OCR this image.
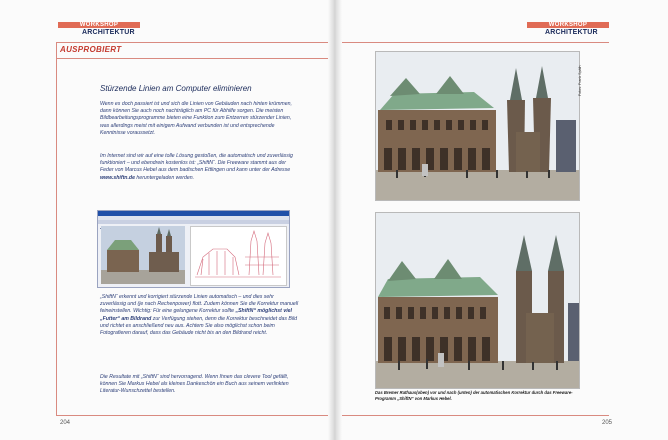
WORKSHOP
ARCHITEKTUR
AUSPROBIERT
Stürzende Linien am Computer eliminieren
Wenn es doch passiert ist und sich die Linien von Gebäuden nach hinten krümmen, dann können Sie auch noch nachträglich am PC für Abhilfe sorgen. Die meisten Bildbearbeitungsprogramme bieten eine Funktion zum Entzerren stürzender Linien, was allerdings meist mit einigem Aufwand verbunden ist und entsprechende Kenntnisse voraussetzt.
Im Internet sind wir auf eine tolle Lösung gestoßen, die automatisch und zuverlässig funktioniert – und ebendrein kostenlos ist: „ShiftN“. Die Freeware stammt aus der Feder von Marcus Hebel aus dem badischen Ettlingen und kann unter der Adresse www.shiftn.de heruntergeladen werden.
„ShiftN“ erkennt und korrigiert stürzende Linien automatisch – und dies sehr zuverlässig und (je nach Rechenpower) flott. Zudem können Sie die Korrektur manuell feineinstellen. Wichtig: Für eine gelungene Korrektur sollte „ShiftN“ möglichst viel „Futter“ am Bildrand zur Verfügung stehen, denn die Korrektur beschneidet das Bild und richtet es anschließend neu aus. Achtem Sie also möglichst schon beim Fotografieren darauf, dass das Gebäude nicht bis an den Bildrand reicht.
Die Resultate mit „ShiftN“ sind hervorragend. Wenn Ihnen das clevere Tool gefällt, können Sie Markus Hebel als kleines Dankeschön ein Buch aus seinem verlinkten Literatur-Wunschzettel bestellen.
204
WORKSHOP
ARCHITEKTUR
Fotos: Frank Späth
Das Bremer Rathaus(oben) vor und nach (unten) der automatischen Korrektur durch das Freeware-Programm „ShiftN“ von Markus Hebel.
205
